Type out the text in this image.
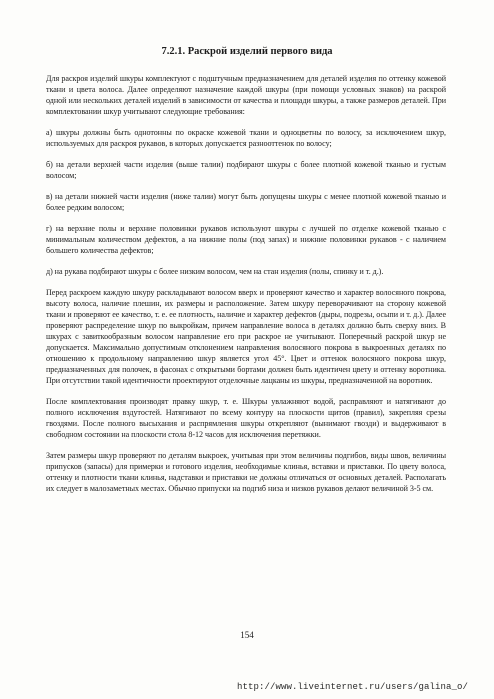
7.2.1. Раскрой изделий первого вида

Для раскроя изделий шкуры комплектуют с подштучным предназначением для деталей изделия по оттенку кожевой ткани и цвета волоса. Далее определяют назначение каждой шкуры (при помощи условных знаков) на раскрой одной или нескольких деталей изделий в зависимости от качества и площади шкуры, а также размеров деталей. При комплектовании шкур учитывают следующие требования:

а) шкуры должны быть однотонны по окраске кожевой ткани и одноцветны по волосу, за исключением шкур, используемых для раскроя рукавов, в которых допускается разнооттенок по волосу;

б) на детали верхней части изделия (выше талии) подбирают шкуры с более плотной кожевой тканью и густым волосом;

в) на детали нижней части изделия (ниже талии) могут быть допущены шкуры с менее плотной кожевой тканью и более редким волосом;

г) на верхние полы и верхние половинки рукавов используют шкуры с лучшей по отделке кожевой тканью с минимальным количеством дефектов, а на нижние полы (под запах) и нижние половинки рукавов - с наличием большего количества дефектов;

д) на рукава подбирают шкуры с более низким волосом, чем на стан изделия (полы, спинку и т. д.).

Перед раскроем каждую шкуру раскладывают волосом вверх и проверяют качество и характер волосяного покрова, высоту волоса, наличие плешин, их размеры и расположение. Затем шкуру переворачивают на сторону кожевой ткани и проверяют ее качество, т. е. ее плотность, наличие и характер дефектов (дыры, подрезы, осыпи и т. д.). Далее проверяют распределение шкур по выкройкам, причем направление волоса в деталях должно быть сверху вниз. В шкурах с завиткообразным волосом направление его при раскрое не учитывают. Поперечный раскрой шкур не допускается. Максимально допустимым отклонением направления волосяного покрова в выкроенных деталях по отношению к продольному направлению шкур является угол 45°. Цвет и оттенок волосяного покрова шкур, предназначенных для полочек, в фасонах с открытыми бортами должен быть идентичен цвету и оттенку воротника. При отсутствии такой идентичности проектируют отделочные лацканы из шкуры, предназначенной на воротник.

После комплектования производят правку шкур, т. е. Шкуры увлажняют водой, расправляют и натягивают до полного исключения вздутостей. Натягивают по всему контуру на плоскости щитов (правил), закрепляя срезы гвоздями. После полного высыхания и распрямления шкуры открепляют (вынимают гвозди) и выдерживают в свободном состоянии на плоскости стола 8-12 часов для исключения перетяжки.

Затем размеры шкур проверяют по деталям выкроек, учитывая при этом величины подгибов, виды швов, величины припусков (запасы) для примерки и готового изделия, необходимые клинья, вставки и приставки. По цвету волоса, оттенку и плотности ткани клинья, надставки и приставки не должны отличаться от основных деталей. Располагать их следует в малозаметных местах. Обычно припуски на подгиб низа и низков рукавов делают величиной 3-5 см.

154
http://www.liveinternet.ru/users/galina_o/
